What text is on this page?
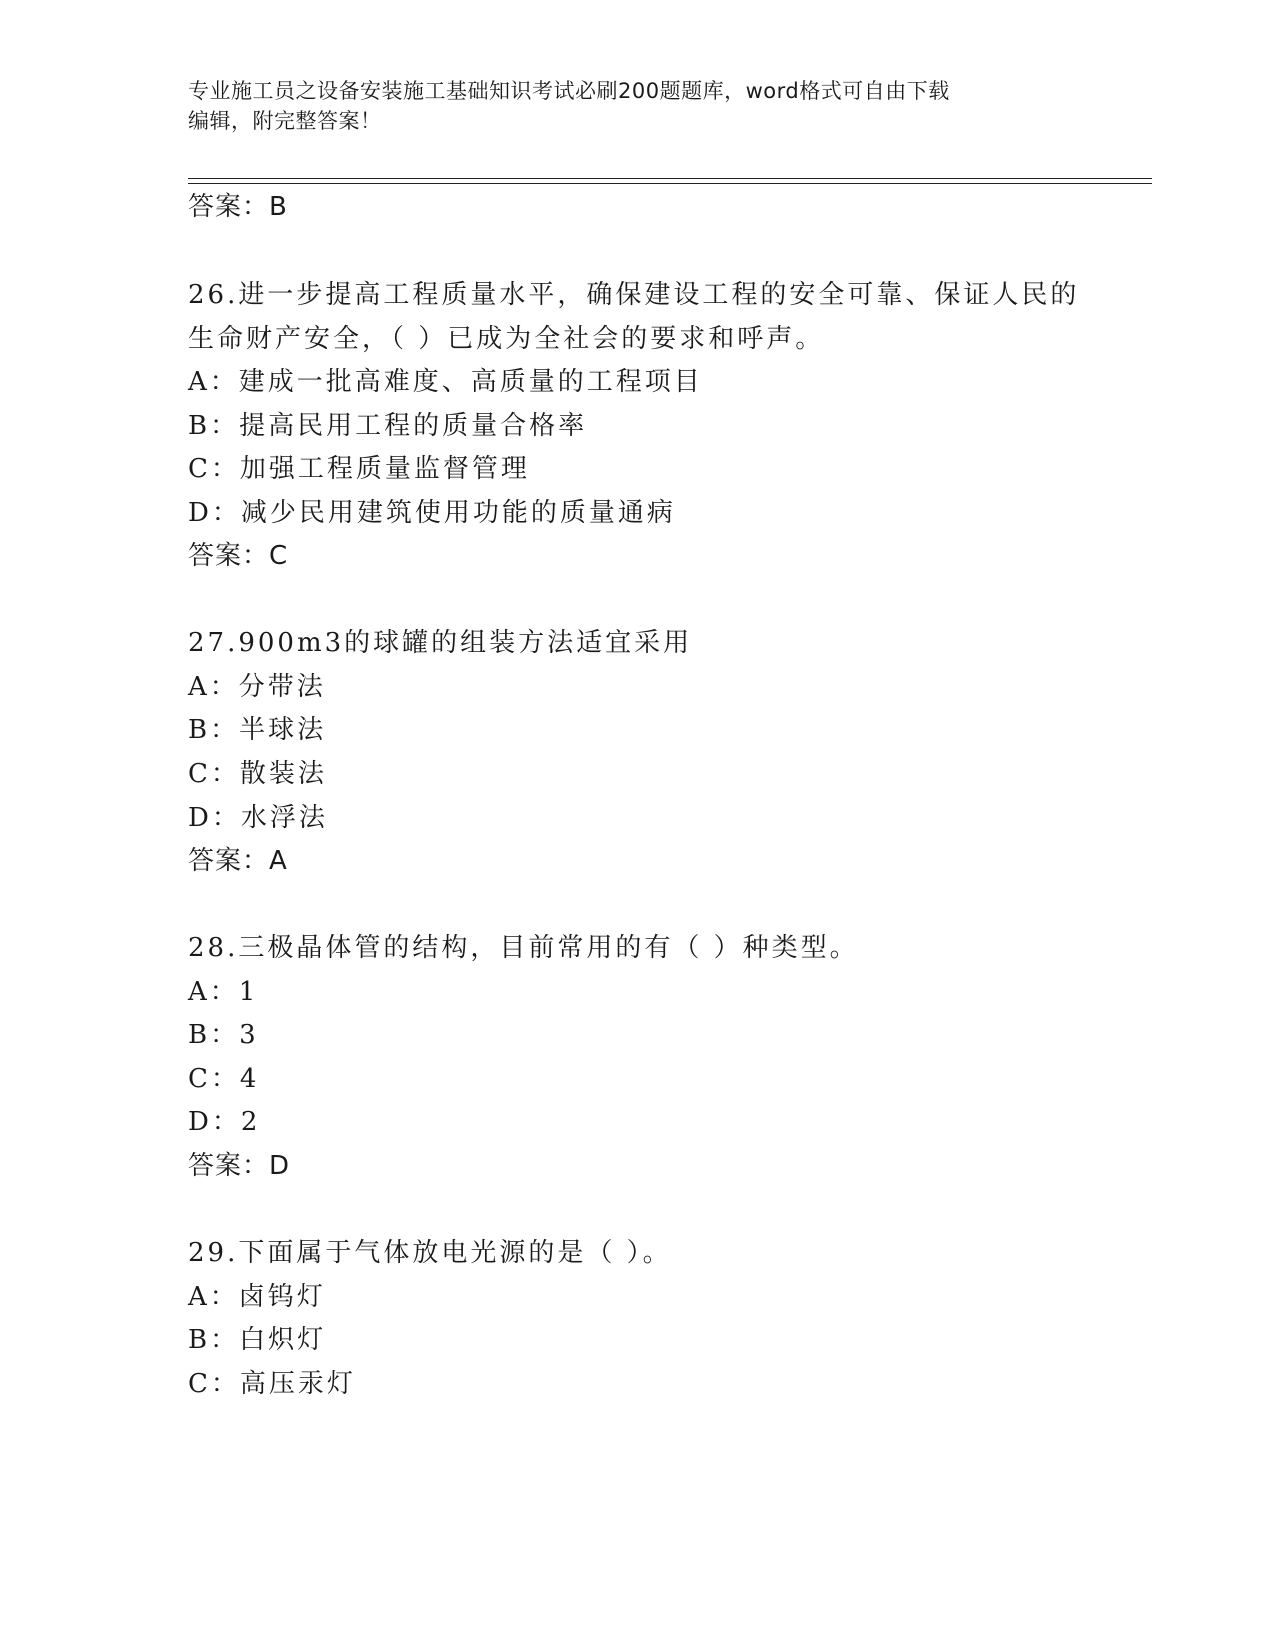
专业施工员之设备安装施工基础知识考试必刷200题题库，word格式可自由下载
编辑，附完整答案！
答案：B
26.进一步提高工程质量水平，确保建设工程的安全可靠、保证人民的
生命财产安全，（ ）已成为全社会的要求和呼声。
A：建成一批高难度、高质量的工程项目
B：提高民用工程的质量合格率
C：加强工程质量监督管理
D：减少民用建筑使用功能的质量通病
答案：C
27.900m3的球罐的组装方法适宜采用
A：分带法
B：半球法
C：散装法
D：水浮法
答案：A
28.三极晶体管的结构，目前常用的有（ ）种类型。
A：1
B：3
C：4
D：2
答案：D
29.下面属于气体放电光源的是（ ）。
A：卤钨灯
B：白炽灯
C：高压汞灯
